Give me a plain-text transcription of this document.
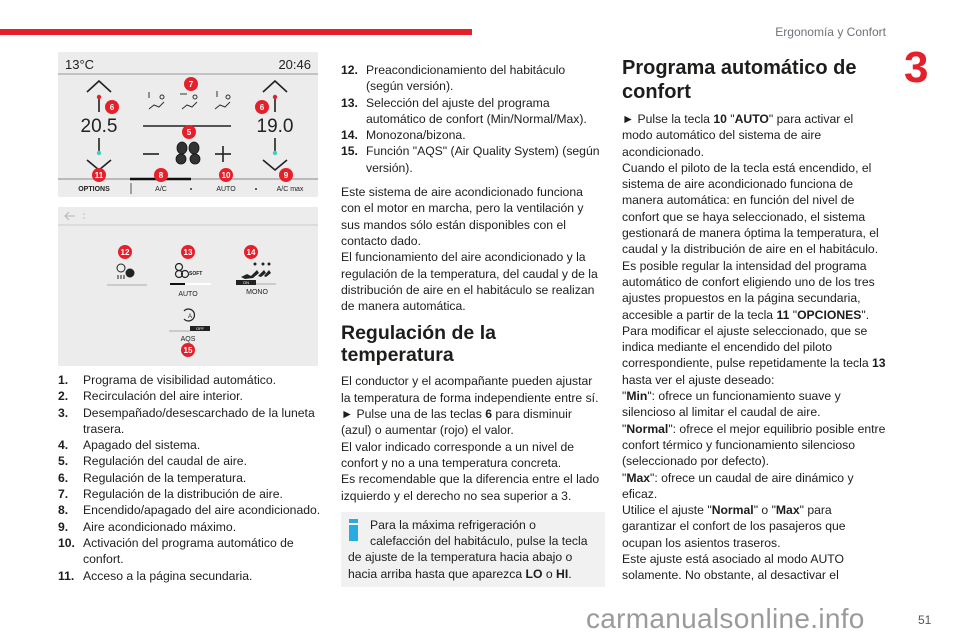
Ergonomía y Confort
3
13°C	20:46
20.5	19.0
OPTIONS	A/C	AUTO	A/C max
6
7
6
5
11	8	10	9
SOFT
AUTO
ON
MONO
A
OFF
AQS
12	13	14
15
1.	Programa de visibilidad automático.
2.	Recirculación del aire interior.
3.	Desempañado/desescarchado de la luneta trasera.
4.	Apagado del sistema.
5.	Regulación del caudal de aire.
6.	Regulación de la temperatura.
7.	Regulación de la distribución de aire.
8.	Encendido/apagado del aire acondicionado.
9.	Aire acondicionado máximo.
10. Activación del programa automático de confort.
11. Acceso a la página secundaria.
12. Preacondicionamiento del habitáculo (según versión).
13. Selección del ajuste del programa automático de confort (Min/Normal/Max).
14. Monozona/bizona.
15. Función "AQS" (Air Quality System) (según versión).

Este sistema de aire acondicionado funciona con el motor en marcha, pero la ventilación y sus mandos sólo están disponibles con el contacto dado.

El funcionamiento del aire acondicionado y la regulación de la temperatura, del caudal y de la distribución de aire en el habitáculo se realizan de manera automática.

Regulación de la temperatura

El conductor y el acompañante pueden ajustar la temperatura de forma independiente entre sí.

► Pulse una de las teclas 6 para disminuir (azul) o aumentar (rojo) el valor.

El valor indicado corresponde a un nivel de confort y no a una temperatura concreta.

Es recomendable que la diferencia entre el lado izquierdo y el derecho no sea superior a 3.

Para la máxima refrigeración o calefacción del habitáculo, pulse la tecla de ajuste de la temperatura hacia abajo o hacia arriba hasta que aparezca LO o HI.
Programa automático de confort

► Pulse la tecla 10 "AUTO" para activar el modo automático del sistema de aire acondicionado.

Cuando el piloto de la tecla está encendido, el sistema de aire acondicionado funciona de manera automática: en función del nivel de confort que se haya seleccionado, el sistema gestionará de manera óptima la temperatura, el caudal y la distribución de aire en el habitáculo.

Es posible regular la intensidad del programa automático de confort eligiendo uno de los tres ajustes propuestos en la página secundaria, accesible a partir de la tecla 11 "OPCIONES".

Para modificar el ajuste seleccionado, que se indica mediante el encendido del piloto correspondiente, pulse repetidamente la tecla 13 hasta ver el ajuste deseado:

"Min": ofrece un funcionamiento suave y silencioso al limitar el caudal de aire.

"Normal": ofrece el mejor equilibrio posible entre confort térmico y funcionamiento silencioso (seleccionado por defecto).

"Max": ofrece un caudal de aire dinámico y eficaz.

Utilice el ajuste "Normal" o "Max" para garantizar el confort de los pasajeros que ocupan los asientos traseros.

Este ajuste está asociado al modo AUTO solamente. No obstante, al desactivar el

carmanualsonline.info	51
